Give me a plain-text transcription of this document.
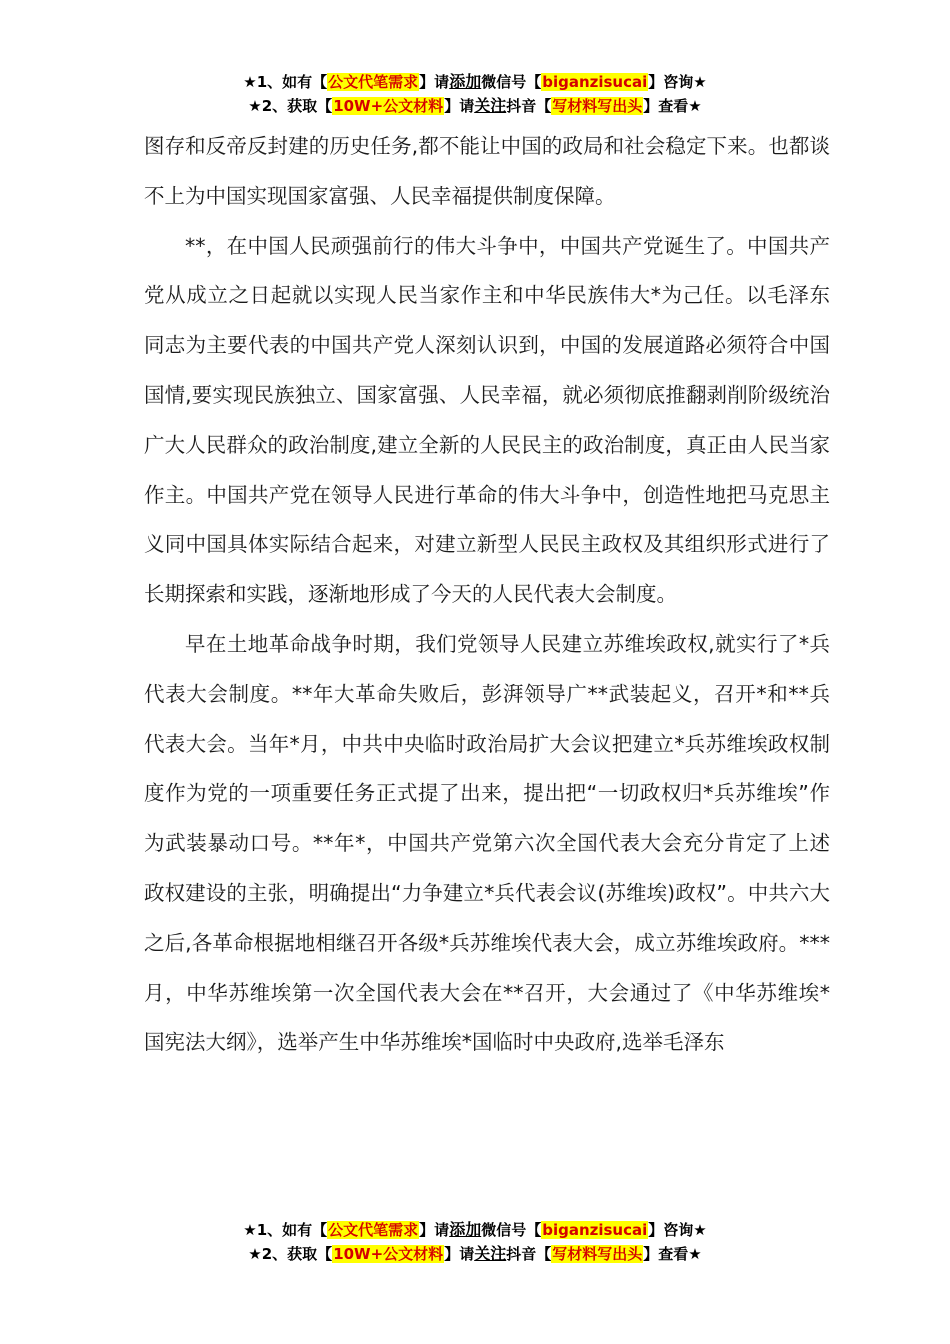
★1、如有【公文代笔需求】请添加微信号【biganzisucai】咨询★
★2、获取【10W+公文材料】请关注抖音【写材料写出头】查看★

图存和反帝反封建的历史任务,都不能让中国的政局和社会稳定下来。也都谈不上为中国实现国家富强、人民幸福提供制度保障。

**，在中国人民顽强前行的伟大斗争中，中国共产党诞生了。中国共产党从成立之日起就以实现人民当家作主和中华民族伟大*为己任。以毛泽东同志为主要代表的中国共产党人深刻认识到，中国的发展道路必须符合中国国情,要实现民族独立、国家富强、人民幸福，就必须彻底推翻剥削阶级统治广大人民群众的政治制度,建立全新的人民民主的政治制度，真正由人民当家作主。中国共产党在领导人民进行革命的伟大斗争中，创造性地把马克思主义同中国具体实际结合起来，对建立新型人民民主政权及其组织形式进行了长期探索和实践，逐渐地形成了今天的人民代表大会制度。

早在土地革命战争时期，我们党领导人民建立苏维埃政权,就实行了*兵代表大会制度。**年大革命失败后，彭湃领导广**武装起义，召开*和**兵代表大会。当年*月，中共中央临时政治局扩大会议把建立*兵苏维埃政权制度作为党的一项重要任务正式提了出来，提出把“一切政权归*兵苏维埃”作为武装暴动口号。**年*，中国共产党第六次全国代表大会充分肯定了上述政权建设的主张，明确提出“力争建立*兵代表会议(苏维埃)政权”。中共六大之后,各革命根据地相继召开各级*兵苏维埃代表大会，成立苏维埃政府。***月，中华苏维埃第一次全国代表大会在**召开，大会通过了《中华苏维埃*国宪法大纲》，选举产生中华苏维埃*国临时中央政府,选举毛泽东

★1、如有【公文代笔需求】请添加微信号【biganzisucai】咨询★
★2、获取【10W+公文材料】请关注抖音【写材料写出头】查看★
